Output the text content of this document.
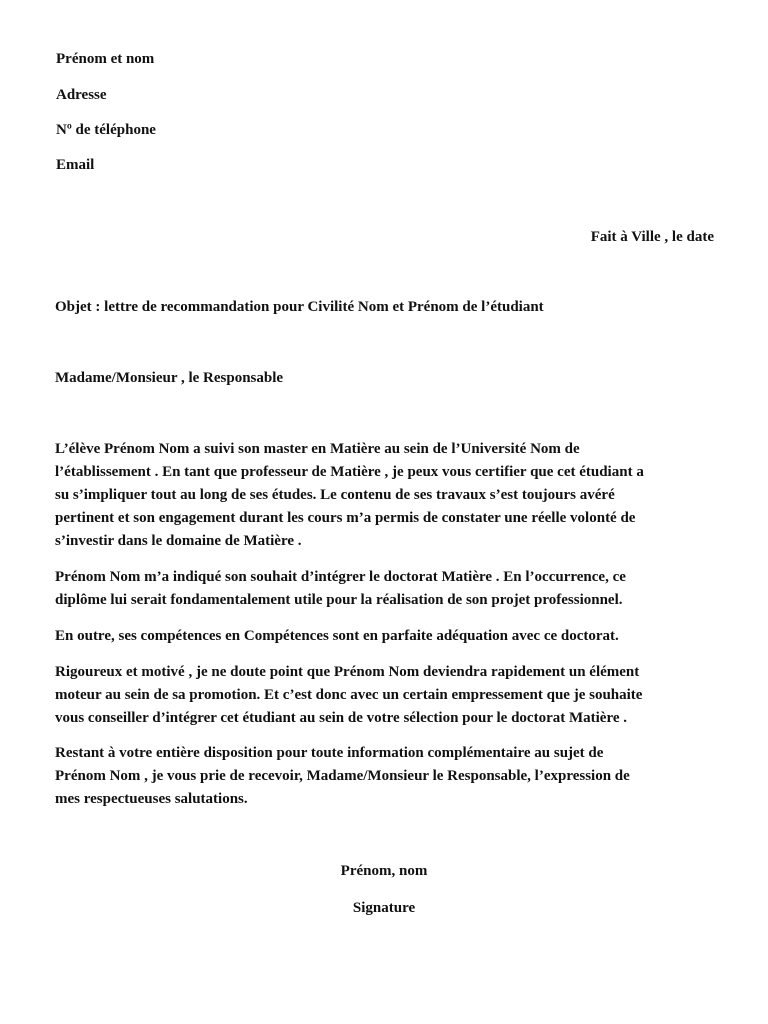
Prénom et nom
Adresse
Nº de téléphone
Email
Fait à Ville , le date
Objet : lettre de recommandation pour Civilité Nom et Prénom de l’étudiant
Madame/Monsieur , le Responsable
L’élève Prénom Nom a suivi son master en Matière au sein de l’Université Nom de
l’établissement . En tant que professeur de Matière , je peux vous certifier que cet étudiant a
su s’impliquer tout au long de ses études. Le contenu de ses travaux s’est toujours avéré
pertinent et son engagement durant les cours m’a permis de constater une réelle volonté de
s’investir dans le domaine de Matière .
Prénom Nom m’a indiqué son souhait d’intégrer le doctorat Matière . En l’occurrence, ce
diplôme lui serait fondamentalement utile pour la réalisation de son projet professionnel.
En outre, ses compétences en Compétences sont en parfaite adéquation avec ce doctorat.
Rigoureux et motivé , je ne doute point que Prénom Nom deviendra rapidement un élément
moteur au sein de sa promotion. Et c’est donc avec un certain empressement que je souhaite
vous conseiller d’intégrer cet étudiant au sein de votre sélection pour le doctorat Matière .
Restant à votre entière disposition pour toute information complémentaire au sujet de
Prénom Nom , je vous prie de recevoir, Madame/Monsieur le Responsable, l’expression de
mes respectueuses salutations.
Prénom, nom
Signature
